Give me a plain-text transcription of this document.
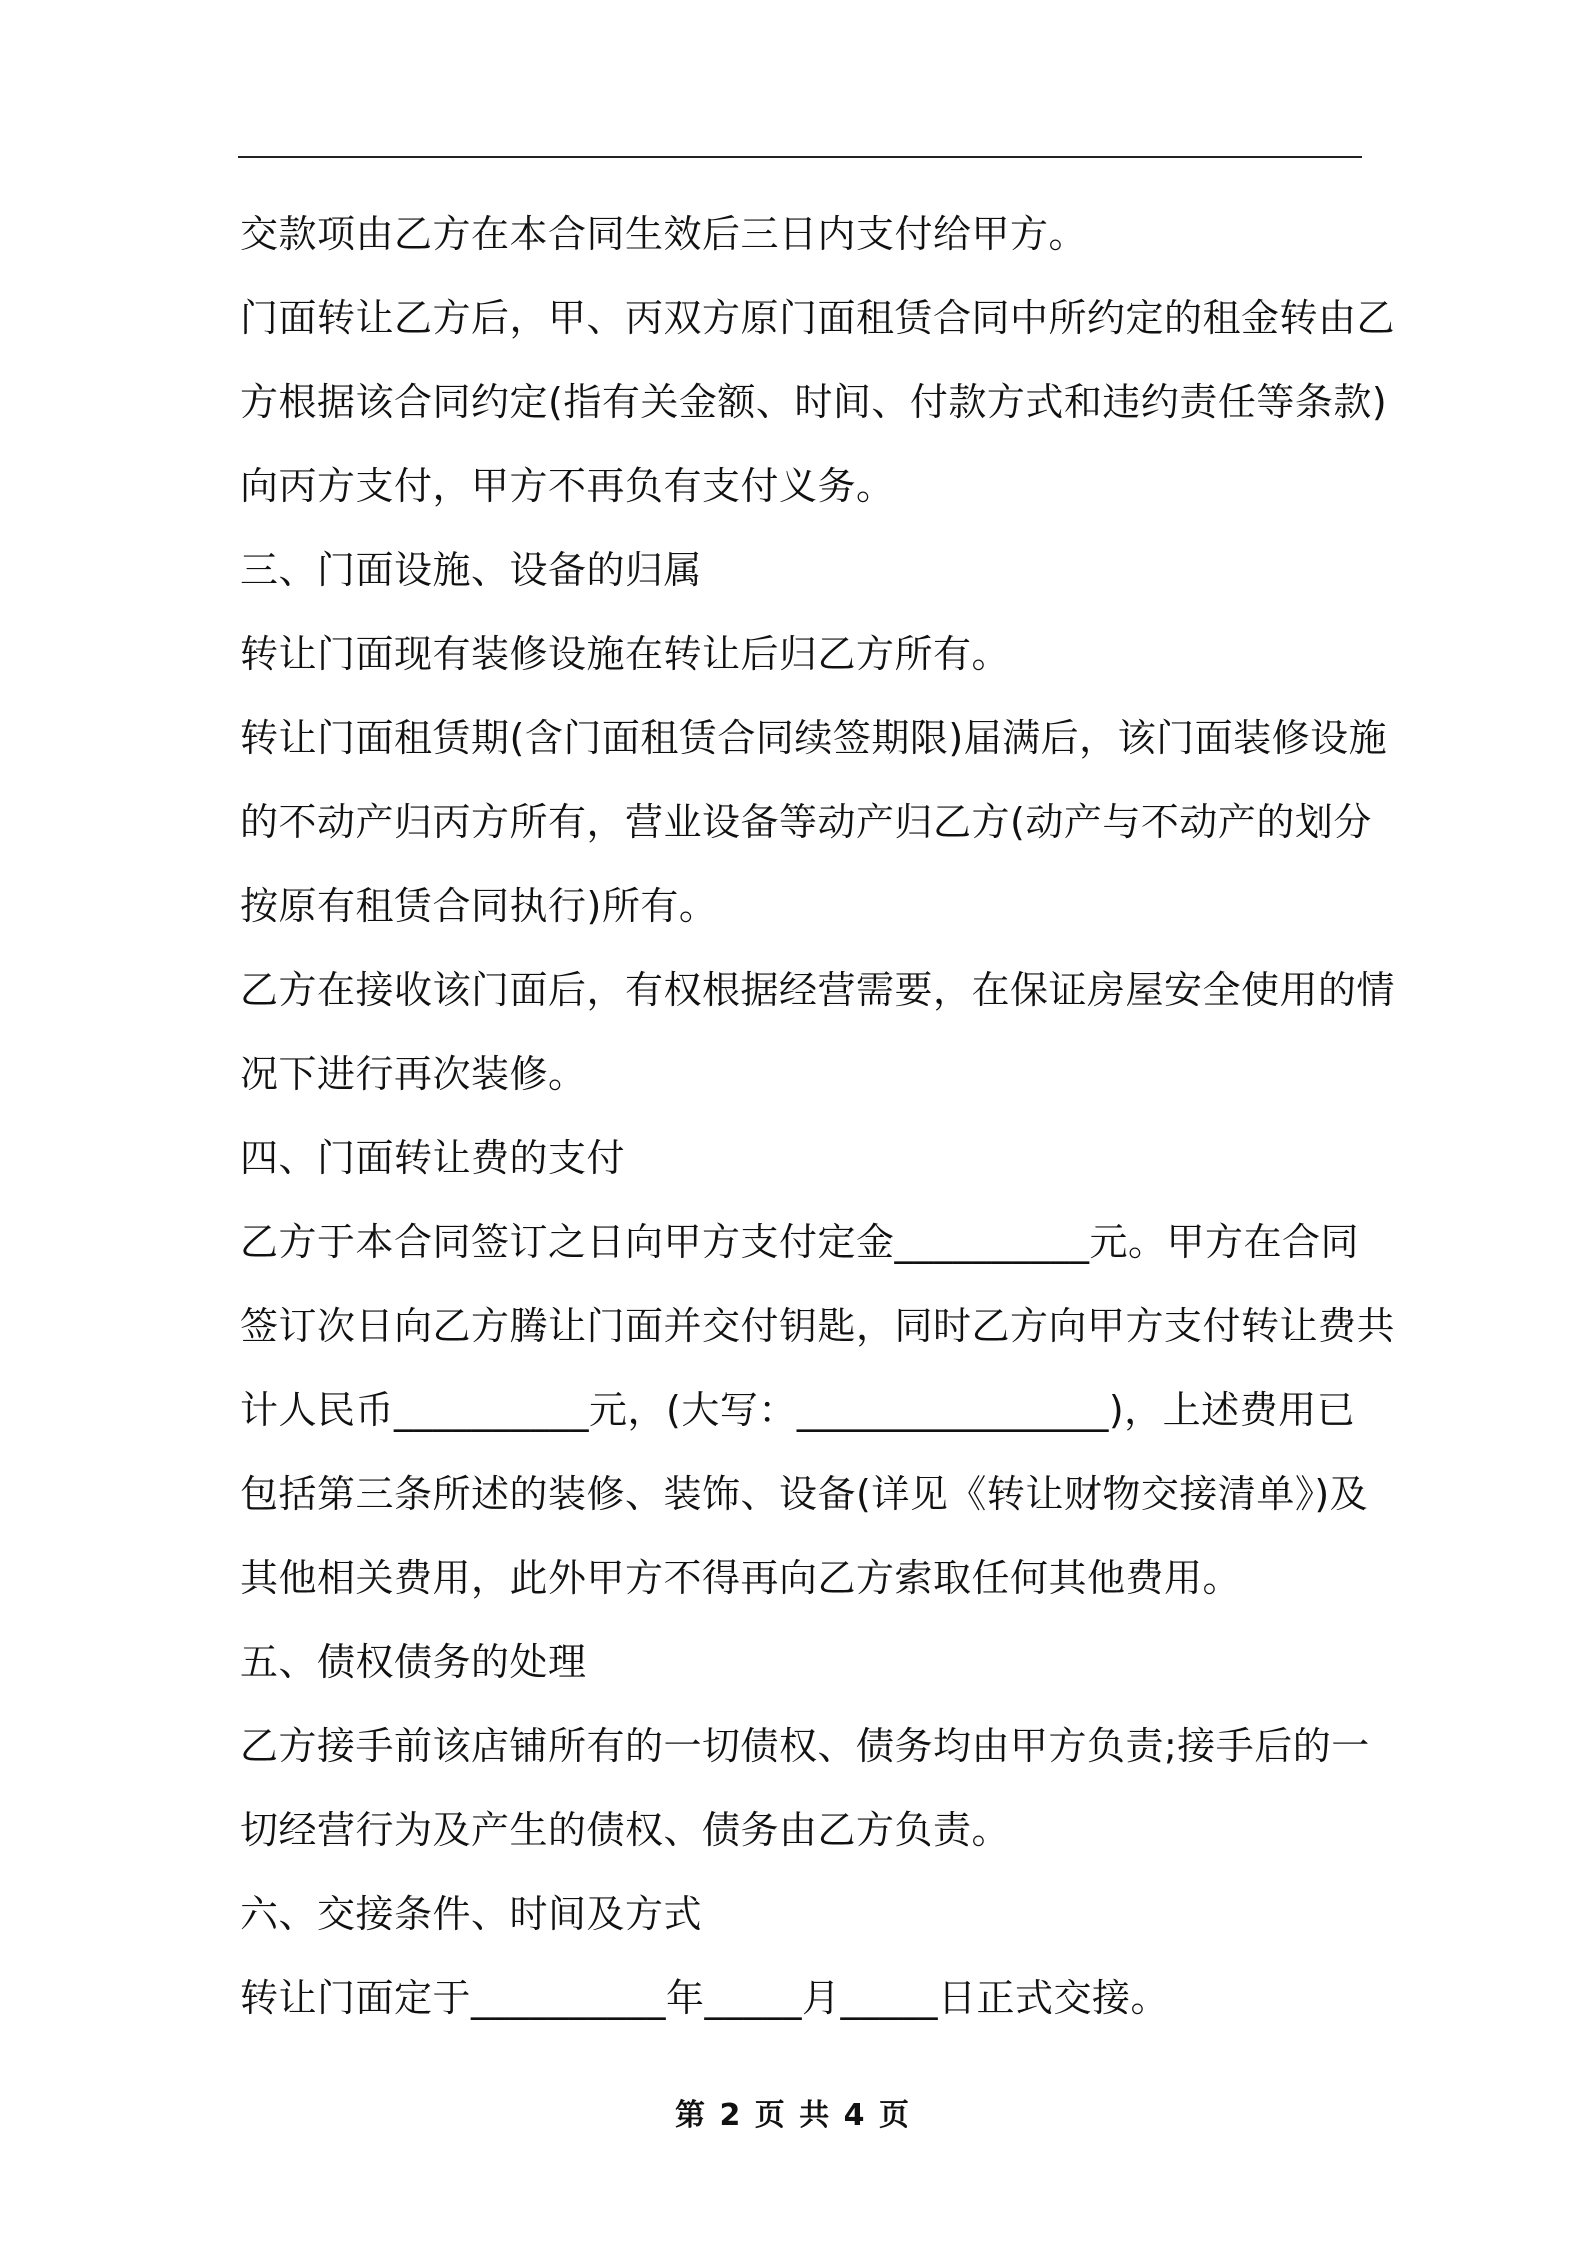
交款项由乙方在本合同生效后三日内支付给甲方。
门面转让乙方后，甲、丙双方原门面租赁合同中所约定的租金转由乙
方根据该合同约定(指有关金额、时间、付款方式和违约责任等条款)
向丙方支付，甲方不再负有支付义务。
三、门面设施、设备的归属
转让门面现有装修设施在转让后归乙方所有。
转让门面租赁期(含门面租赁合同续签期限)届满后，该门面装修设施
的不动产归丙方所有，营业设备等动产归乙方(动产与不动产的划分
按原有租赁合同执行)所有。
乙方在接收该门面后，有权根据经营需要，在保证房屋安全使用的情
况下进行再次装修。
四、门面转让费的支付
乙方于本合同签订之日向甲方支付定金__________元。甲方在合同
签订次日向乙方腾让门面并交付钥匙，同时乙方向甲方支付转让费共
计人民币__________元，(大写：________________)，上述费用已
包括第三条所述的装修、装饰、设备(详见《转让财物交接清单》)及
其他相关费用，此外甲方不得再向乙方索取任何其他费用。
五、债权债务的处理
乙方接手前该店铺所有的一切债权、债务均由甲方负责;接手后的一
切经营行为及产生的债权、债务由乙方负责。
六、交接条件、时间及方式
转让门面定于__________年_____月_____日正式交接。
第 2 页 共 4 页
